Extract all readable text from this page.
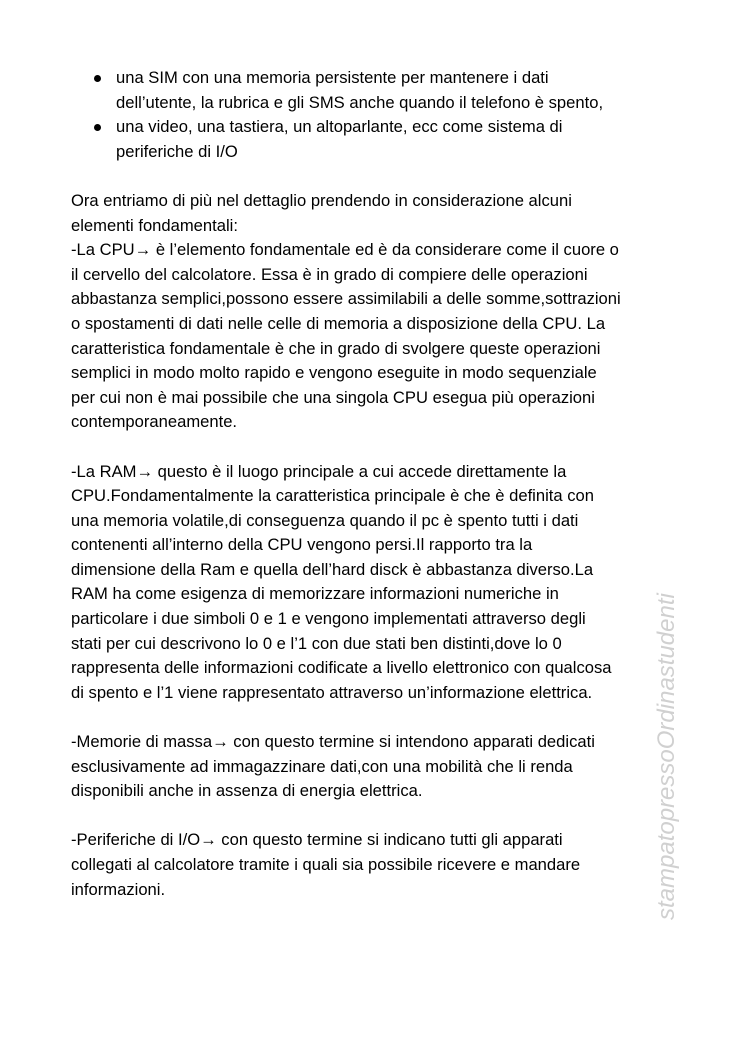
una SIM con una memoria persistente per mantenere i dati
dell’utente, la rubrica e gli SMS anche quando il telefono è spento,
una video, una tastiera, un altoparlante, ecc come sistema di
periferiche di I/O

Ora entriamo di più nel dettaglio prendendo in considerazione alcuni
elementi fondamentali:
-La CPU→ è l’elemento fondamentale ed è da considerare come il cuore o
il cervello del calcolatore. Essa è in grado di compiere delle operazioni
abbastanza semplici,possono essere assimilabili a delle somme,sottrazioni
o spostamenti di dati nelle celle di memoria a disposizione della CPU. La
caratteristica fondamentale è che in grado di svolgere queste operazioni
semplici in modo molto rapido e vengono eseguite in modo sequenziale
per cui non è mai possibile che una singola CPU esegua più operazioni
contemporaneamente.

-La RAM→ questo è il luogo principale a cui accede direttamente la
CPU.Fondamentalmente la caratteristica principale è che è definita con
una memoria volatile,di conseguenza quando il pc è spento tutti i dati
contenenti all’interno della CPU vengono persi.Il rapporto tra la
dimensione della Ram e quella dell’hard disck è abbastanza diverso.La
RAM ha come esigenza di memorizzare informazioni numeriche in
particolare i due simboli 0 e 1 e vengono implementati attraverso degli
stati per cui descrivono lo 0 e l’1 con due stati ben distinti,dove lo 0
rappresenta delle informazioni codificate a livello elettronico con qualcosa
di spento e l’1 viene rappresentato attraverso un’informazione elettrica.

-Memorie di massa→ con questo termine si intendono apparati dedicati
esclusivamente ad immagazzinare dati,con una mobilità che li renda
disponibili anche in assenza di energia elettrica.

-Periferiche di I/O→ con questo termine si indicano tutti gli apparati
collegati al calcolatore tramite i quali sia possibile ricevere e mandare
informazioni.	stampatopressoOrdinastudenti
